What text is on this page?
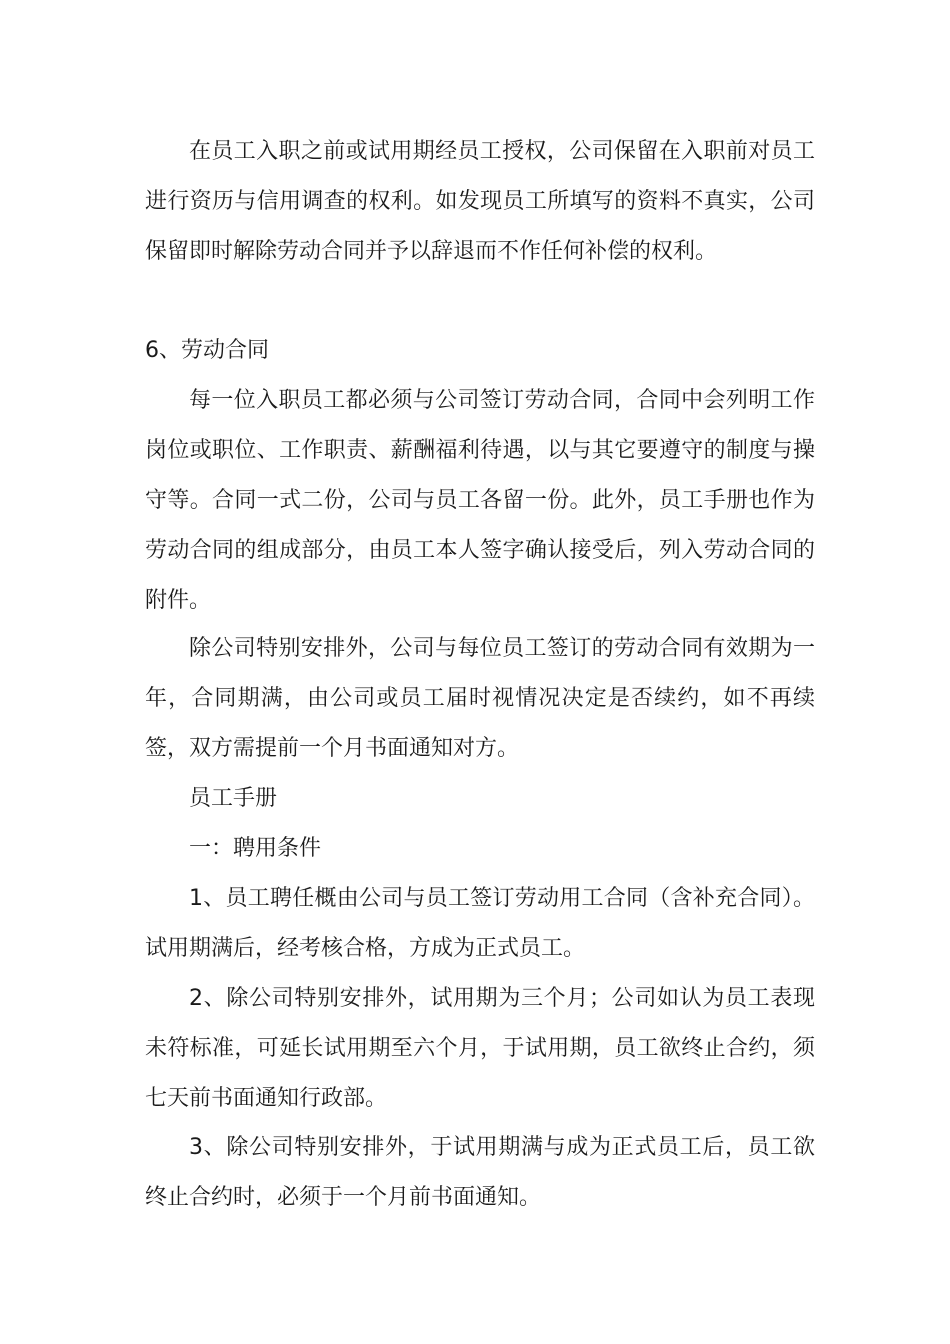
在员工入职之前或试用期经员工授权，公司保留在入职前对员工进行资历与信用调查的权利。如发现员工所填写的资料不真实，公司保留即时解除劳动合同并予以辞退而不作任何补偿的权利。

6、劳动合同

每一位入职员工都必须与公司签订劳动合同，合同中会列明工作岗位或职位、工作职责、薪酬福利待遇，以与其它要遵守的制度与操守等。合同一式二份，公司与员工各留一份。此外，员工手册也作为劳动合同的组成部分，由员工本人签字确认接受后，列入劳动合同的附件。

除公司特别安排外，公司与每位员工签订的劳动合同有效期为一年，合同期满，由公司或员工届时视情况决定是否续约，如不再续签，双方需提前一个月书面通知对方。

员工手册

一：聘用条件

1、员工聘任概由公司与员工签订劳动用工合同（含补充合同）。试用期满后，经考核合格，方成为正式员工。

2、除公司特别安排外，试用期为三个月；公司如认为员工表现未符标准，可延长试用期至六个月，于试用期，员工欲终止合约，须七天前书面通知行政部。

3、除公司特别安排外，于试用期满与成为正式员工后，员工欲终止合约时，必须于一个月前书面通知。
